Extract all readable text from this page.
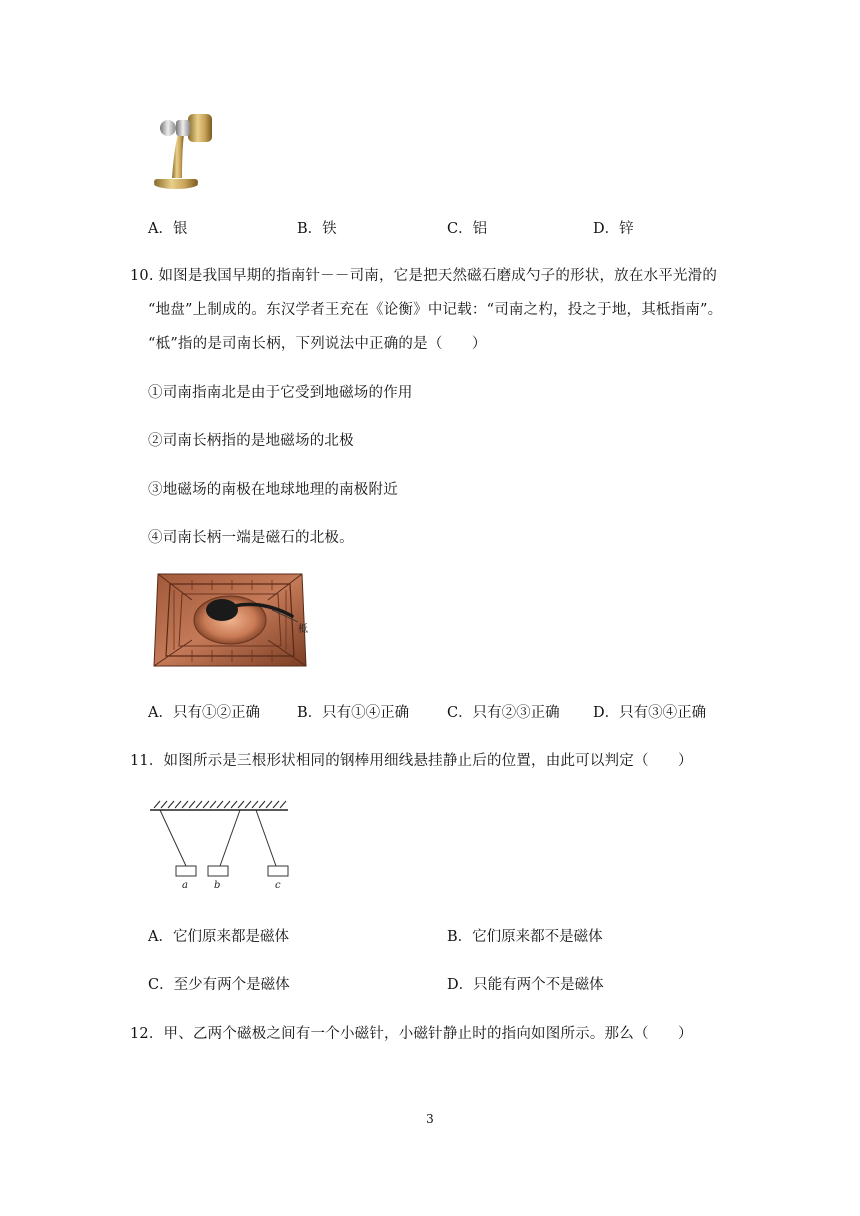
A．银	B．铁	C．铝	D．锌
10. 如图是我国早期的指南针－－司南，它是把天然磁石磨成勺子的形状，放在水平光滑的
“地盘”上制成的。东汉学者王充在《论衡》中记载：“司南之杓，投之于地，其柢指南”。
“柢”指的是司南长柄，下列说法中正确的是（　　）
①司南指南北是由于它受到地磁场的作用
②司南长柄指的是地磁场的北极
③地磁场的南极在地球地理的南极附近
④司南长柄一端是磁石的北极。
柢
A．只有①②正确	B．只有①④正确	C．只有②③正确 D．只有③④正确
11．如图所示是三根形状相同的钢棒用细线悬挂静止后的位置，由此可以判定（　　）
a	b	c
A．它们原来都是磁体	B．它们原来都不是磁体
C．至少有两个是磁体	D．只能有两个不是磁体
12．甲、乙两个磁极之间有一个小磁针，小磁针静止时的指向如图所示。那么（　　）
3
